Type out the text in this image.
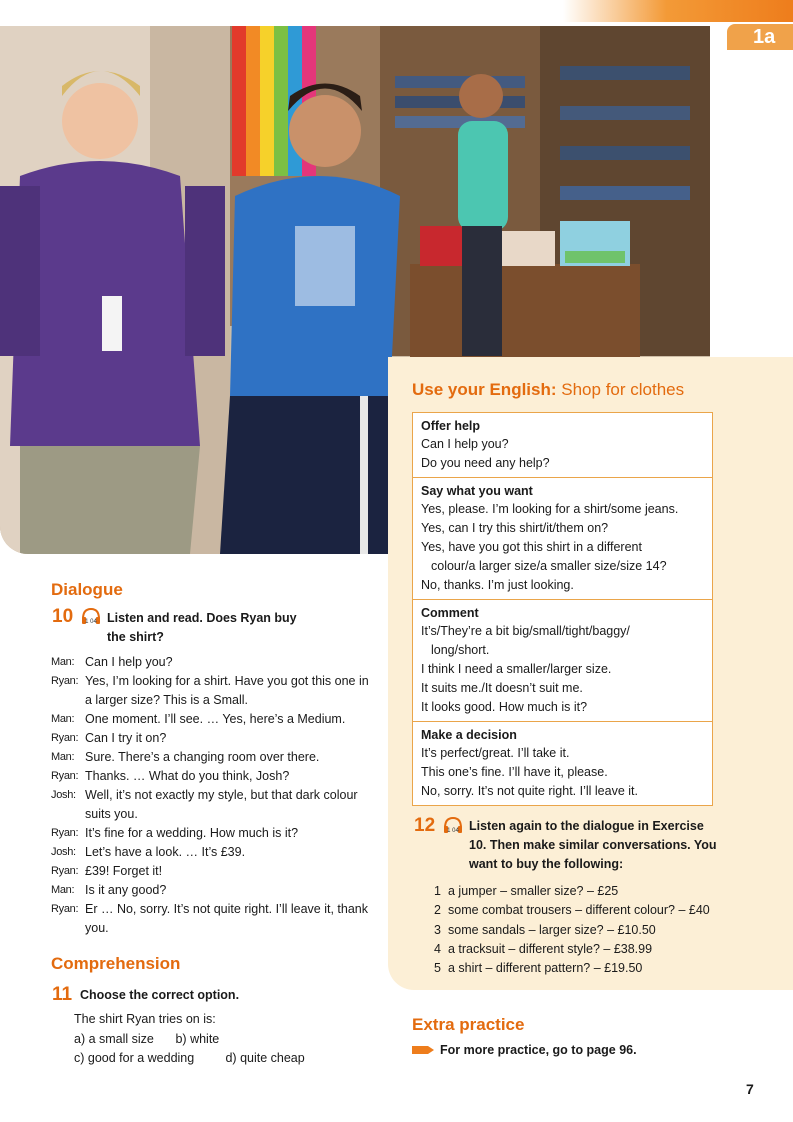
1a
Use your English: Shop for clothes
Offer help
Can I help you?
Do you need any help?
Say what you want
Yes, please. I’m looking for a shirt/some jeans.
Yes, can I try this shirt/it/them on?
Yes, have you got this shirt in a different
colour/a larger size/a smaller size/size 14?
No, thanks. I’m just looking.
Comment
It’s/They’re a bit big/small/tight/baggy/
long/short.
I think I need a smaller/larger size.
It suits me./It doesn’t suit me.
It looks good. How much is it?
Make a decision
It’s perfect/great. I’ll take it.
This one’s fine. I’ll have it, please.
No, sorry. It’s not quite right. I’ll leave it.
12	1 04 Listen again to the dialogue in Exercise
10. Then make similar conversations. You
want to buy the following:
1 a jumper – smaller size? – £25
2 some combat trousers – different colour? – £40
3 some sandals – larger size? – £10.50
4 a tracksuit – different style? – £38.99
5 a shirt – different pattern? – £19.50
Dialogue
10	1 04 Listen and read. Does Ryan buy
the shirt?
Man: Can I help you?
Ryan: Yes, I’m looking for a shirt. Have you got this one in a larger size? This is a Small.
Man: One moment. I’ll see. … Yes, here’s a Medium.
Ryan: Can I try it on?
Man: Sure. There’s a changing room over there.
Ryan: Thanks. … What do you think, Josh?
Josh: Well, it’s not exactly my style, but that dark colour suits you.
Ryan: It’s fine for a wedding. How much is it?
Josh: Let’s have a look. … It’s £39.
Ryan: £39! Forget it!
Man: Is it any good?
Ryan: Er … No, sorry. It’s not quite right. I’ll leave it, thank you.
Comprehension
11 Choose the correct option.
The shirt Ryan tries on is:
a) a small size b) white
c) good for a wedding	d) quite cheap
Extra practice
For more practice, go to page 96.
7
